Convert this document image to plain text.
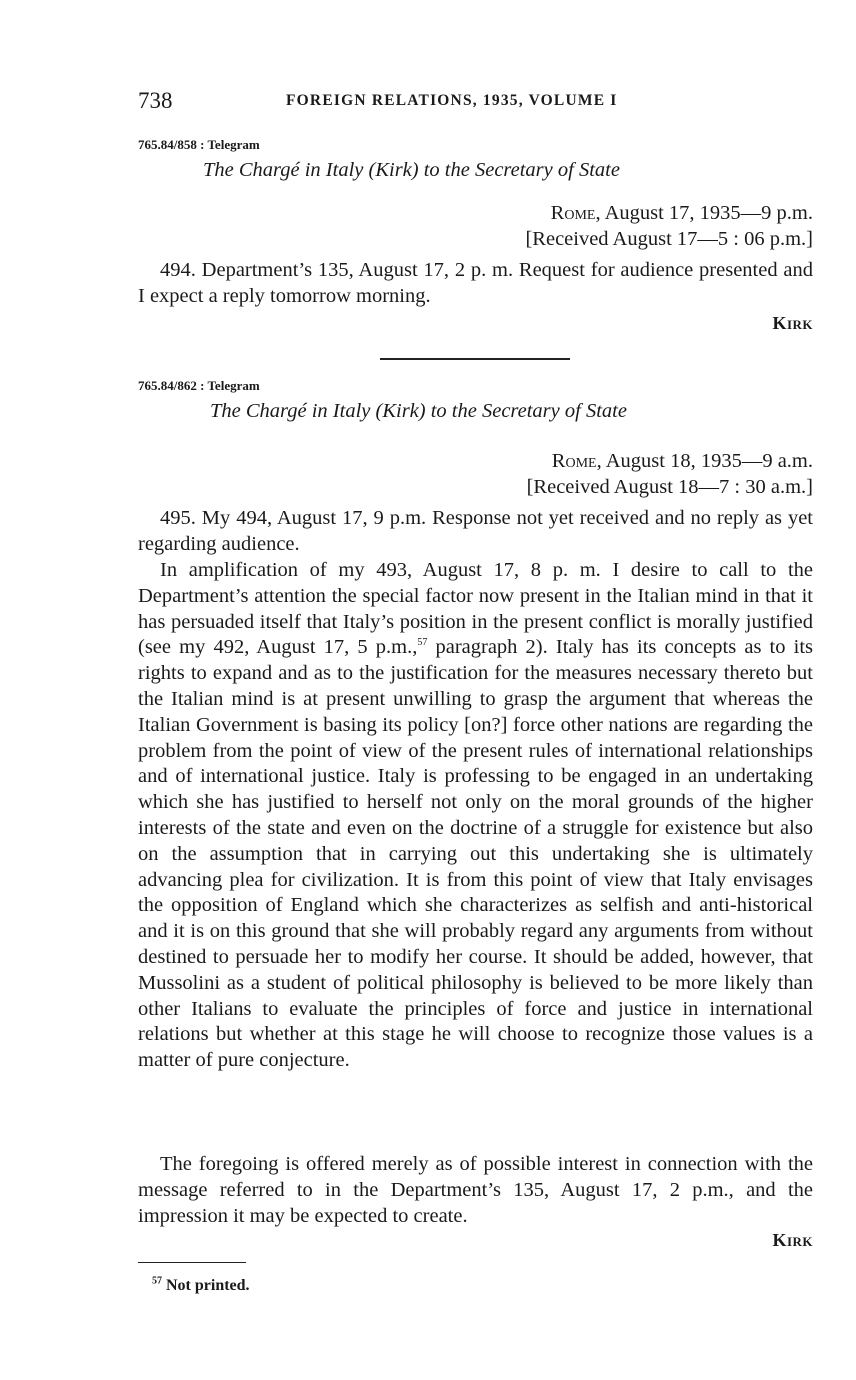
738	FOREIGN RELATIONS, 1935, VOLUME I
765.84/858 : Telegram
The Chargé in Italy (Kirk) to the Secretary of State
Rome, August 17, 1935—9 p.m.
[Received August 17—5 : 06 p.m.]

494. Department’s 135, August 17, 2 p. m. Request for audience presented and I expect a reply tomorrow morning.

Kirk
765.84/862 : Telegram
The Chargé in Italy (Kirk) to the Secretary of State
Rome, August 18, 1935—9 a.m.
[Received August 18—7 : 30 a.m.]

495. My 494, August 17, 9 p.m. Response not yet received and no reply as yet regarding audience.

In amplification of my 493, August 17, 8 p. m. I desire to call to the Department’s attention the special factor now present in the Italian mind in that it has persuaded itself that Italy’s position in the present conflict is morally justified (see my 492, August 17, 5 p.m.,$^{57}$ paragraph 2). Italy has its concepts as to its rights to expand and as to the justification for the measures necessary thereto but the Italian mind is at present unwilling to grasp the argument that whereas the Italian Government is basing its policy [on?] force other nations are regarding the problem from the point of view of the present rules of international relationships and of international justice. Italy is professing to be engaged in an undertaking which she has justified to herself not only on the moral grounds of the higher interests of the state and even on the doctrine of a struggle for existence but also on the assumption that in carrying out this undertaking she is ultimately advancing plea for civilization. It is from this point of view that Italy envisages the opposition of England which she characterizes as selfish and anti-historical and it is on this ground that she will probably regard any arguments from without destined to persuade her to modify her course. It should be added, however, that Mussolini as a student of political philosophy is believed to be more likely than other Italians to evaluate the principles of force and justice in international relations but whether at this stage he will choose to recognize those values is a matter of pure conjecture.

The foregoing is offered merely as of possible interest in connection with the message referred to in the Department’s 135, August 17, 2 p.m., and the impression it may be expected to create.

Kirk
$^{57}$ Not printed.
